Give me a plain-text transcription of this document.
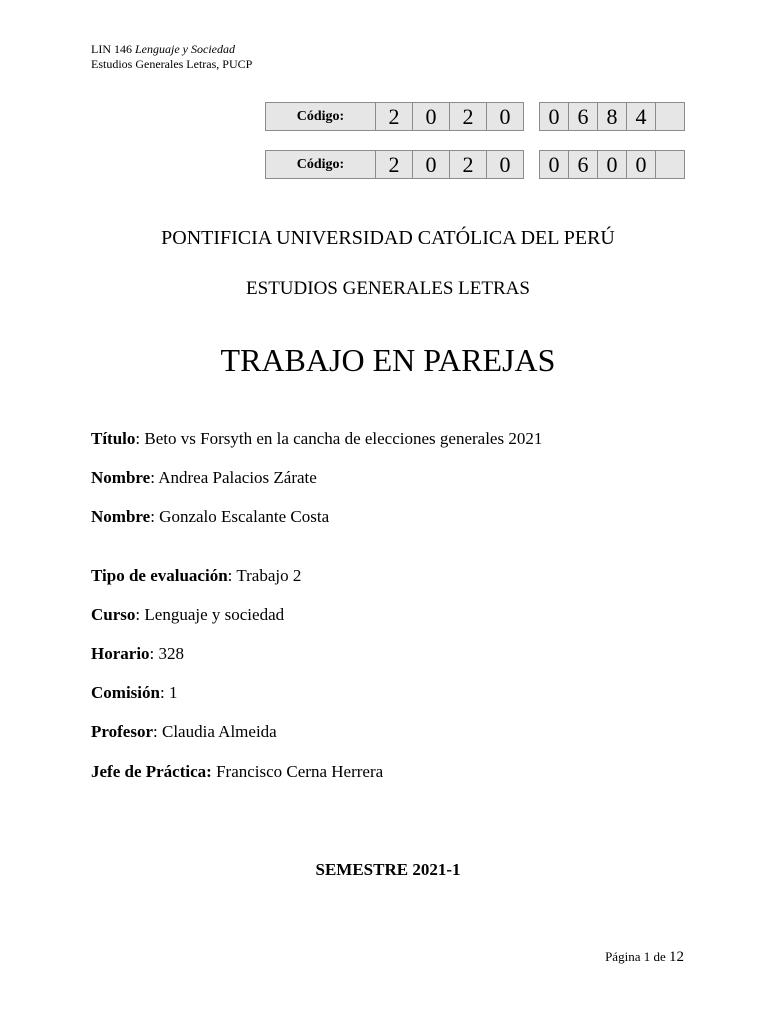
LIN 146 Lenguaje y Sociedad
Estudios Generales Letras, PUCP
Código:	2	0	2	0		0	6	8	4	
Código:	2	0	2	0		0	6	0	0	
PONTIFICIA UNIVERSIDAD CATÓLICA DEL PERÚ
ESTUDIOS GENERALES LETRAS
TRABAJO EN PAREJAS
Título: Beto vs Forsyth en la cancha de elecciones generales 2021
Nombre: Andrea Palacios Zárate
Nombre: Gonzalo Escalante Costa
Tipo de evaluación: Trabajo 2
Curso: Lenguaje y sociedad
Horario: 328
Comisión: 1
Profesor: Claudia Almeida
Jefe de Práctica: Francisco Cerna Herrera
SEMESTRE 2021-1
Página 1 de 12
